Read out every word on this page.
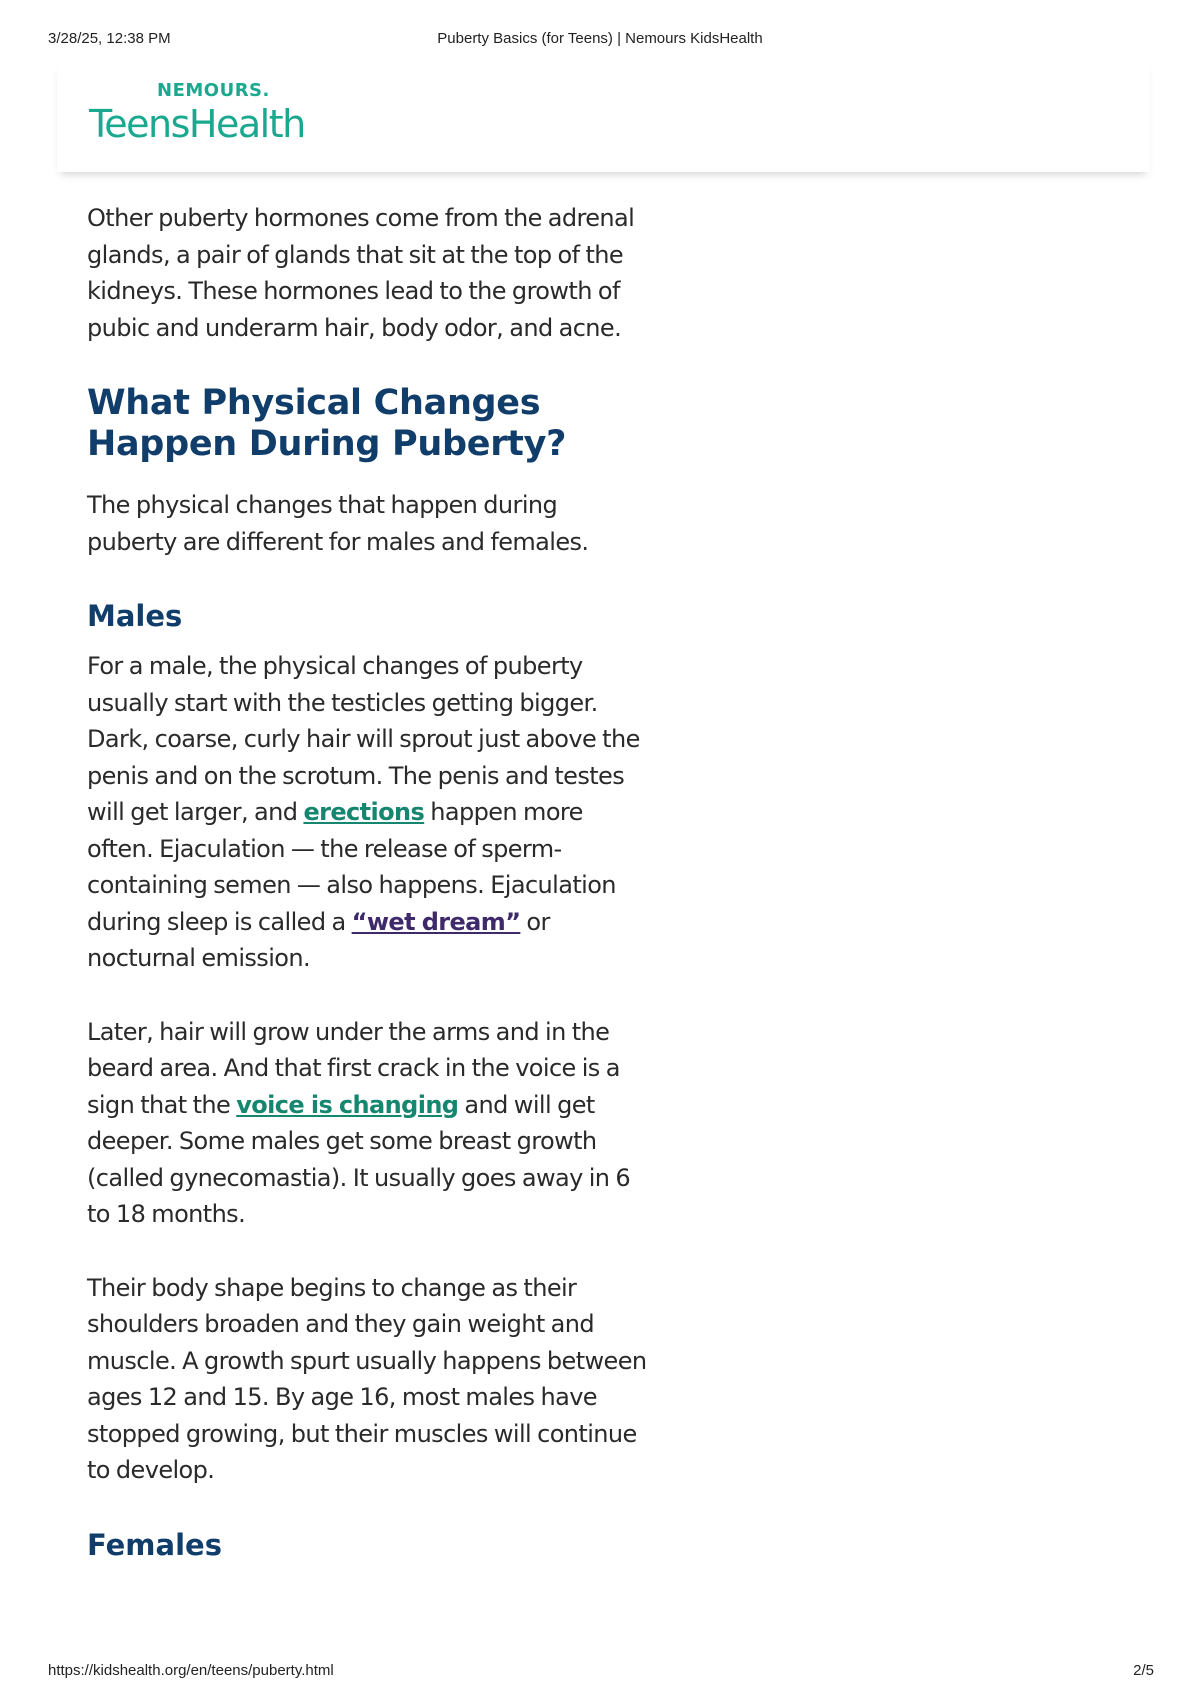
3/28/25, 12:38 PM	Puberty Basics (for Teens) | Nemours KidsHealth
NEMOURS.
TeensHealth

Other puberty hormones come from the adrenal glands, a pair of glands that sit at the top of the kidneys. These hormones lead to the growth of pubic and underarm hair, body odor, and acne.

What Physical Changes Happen During Puberty?

The physical changes that happen during puberty are different for males and females.

Males

For a male, the physical changes of puberty usually start with the testicles getting bigger. Dark, coarse, curly hair will sprout just above the penis and on the scrotum. The penis and testes will get larger, and erections happen more often. Ejaculation — the release of sperm-containing semen — also happens. Ejaculation during sleep is called a “wet dream” or nocturnal emission.

Later, hair will grow under the arms and in the beard area. And that first crack in the voice is a sign that the voice is changing and will get deeper. Some males get some breast growth (called gynecomastia). It usually goes away in 6 to 18 months.

Their body shape begins to change as their shoulders broaden and they gain weight and muscle. A growth spurt usually happens between ages 12 and 15. By age 16, most males have stopped growing, but their muscles will continue to develop.

Females
https://kidshealth.org/en/teens/puberty.html	2/5
